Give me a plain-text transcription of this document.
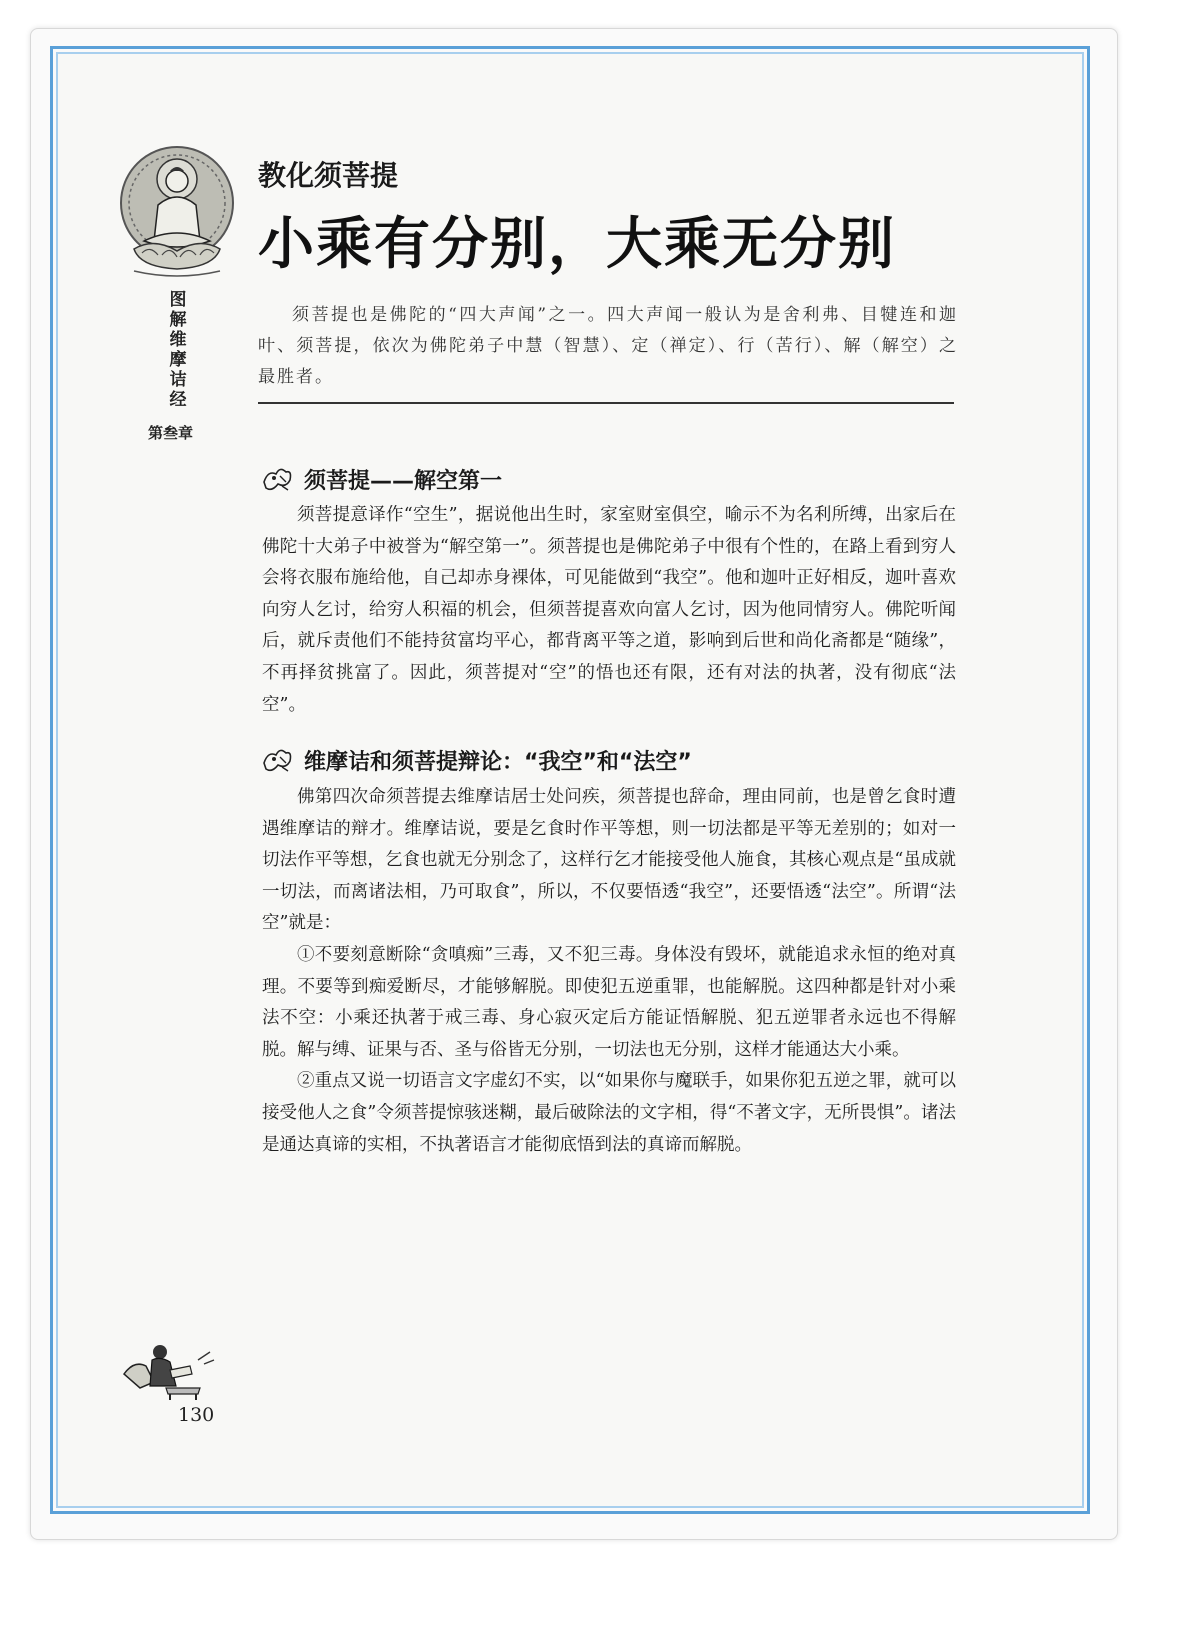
图解维摩诘经
第叁章
教化须菩提
小乘有分别，大乘无分别
须菩提也是佛陀的“四大声闻”之一。四大声闻一般认为是舍利弗、目犍连和迦叶、须菩提，依次为佛陀弟子中慧（智慧）、定（禅定）、行（苦行）、解（解空）之最胜者。
须菩提——解空第一

须菩提意译作“空生”，据说他出生时，家室财室俱空，喻示不为名利所缚，出家后在佛陀十大弟子中被誉为“解空第一”。须菩提也是佛陀弟子中很有个性的，在路上看到穷人会将衣服布施给他，自己却赤身裸体，可见能做到“我空”。他和迦叶正好相反，迦叶喜欢向穷人乞讨，给穷人积福的机会，但须菩提喜欢向富人乞讨，因为他同情穷人。佛陀听闻后，就斥责他们不能持贫富均平心，都背离平等之道，影响到后世和尚化斋都是“随缘”，不再择贫挑富了。因此，须菩提对“空”的悟也还有限，还有对法的执著，没有彻底“法空”。

维摩诘和须菩提辩论：“我空”和“法空”

佛第四次命须菩提去维摩诘居士处问疾，须菩提也辞命，理由同前，也是曾乞食时遭遇维摩诘的辩才。维摩诘说，要是乞食时作平等想，则一切法都是平等无差别的；如对一切法作平等想，乞食也就无分别念了，这样行乞才能接受他人施食，其核心观点是“虽成就一切法，而离诸法相，乃可取食”，所以，不仅要悟透“我空”，还要悟透“法空”。所谓“法空”就是：

①不要刻意断除“贪嗔痴”三毒，又不犯三毒。身体没有毁坏，就能追求永恒的绝对真理。不要等到痴爱断尽，才能够解脱。即使犯五逆重罪，也能解脱。这四种都是针对小乘法不空：小乘还执著于戒三毒、身心寂灭定后方能证悟解脱、犯五逆罪者永远也不得解脱。解与缚、证果与否、圣与俗皆无分别，一切法也无分别，这样才能通达大小乘。

②重点又说一切语言文字虚幻不实，以“如果你与魔联手，如果你犯五逆之罪，就可以接受他人之食”令须菩提惊骇迷糊，最后破除法的文字相，得“不著文字，无所畏惧”。诸法是通达真谛的实相，不执著语言才能彻底悟到法的真谛而解脱。

130
